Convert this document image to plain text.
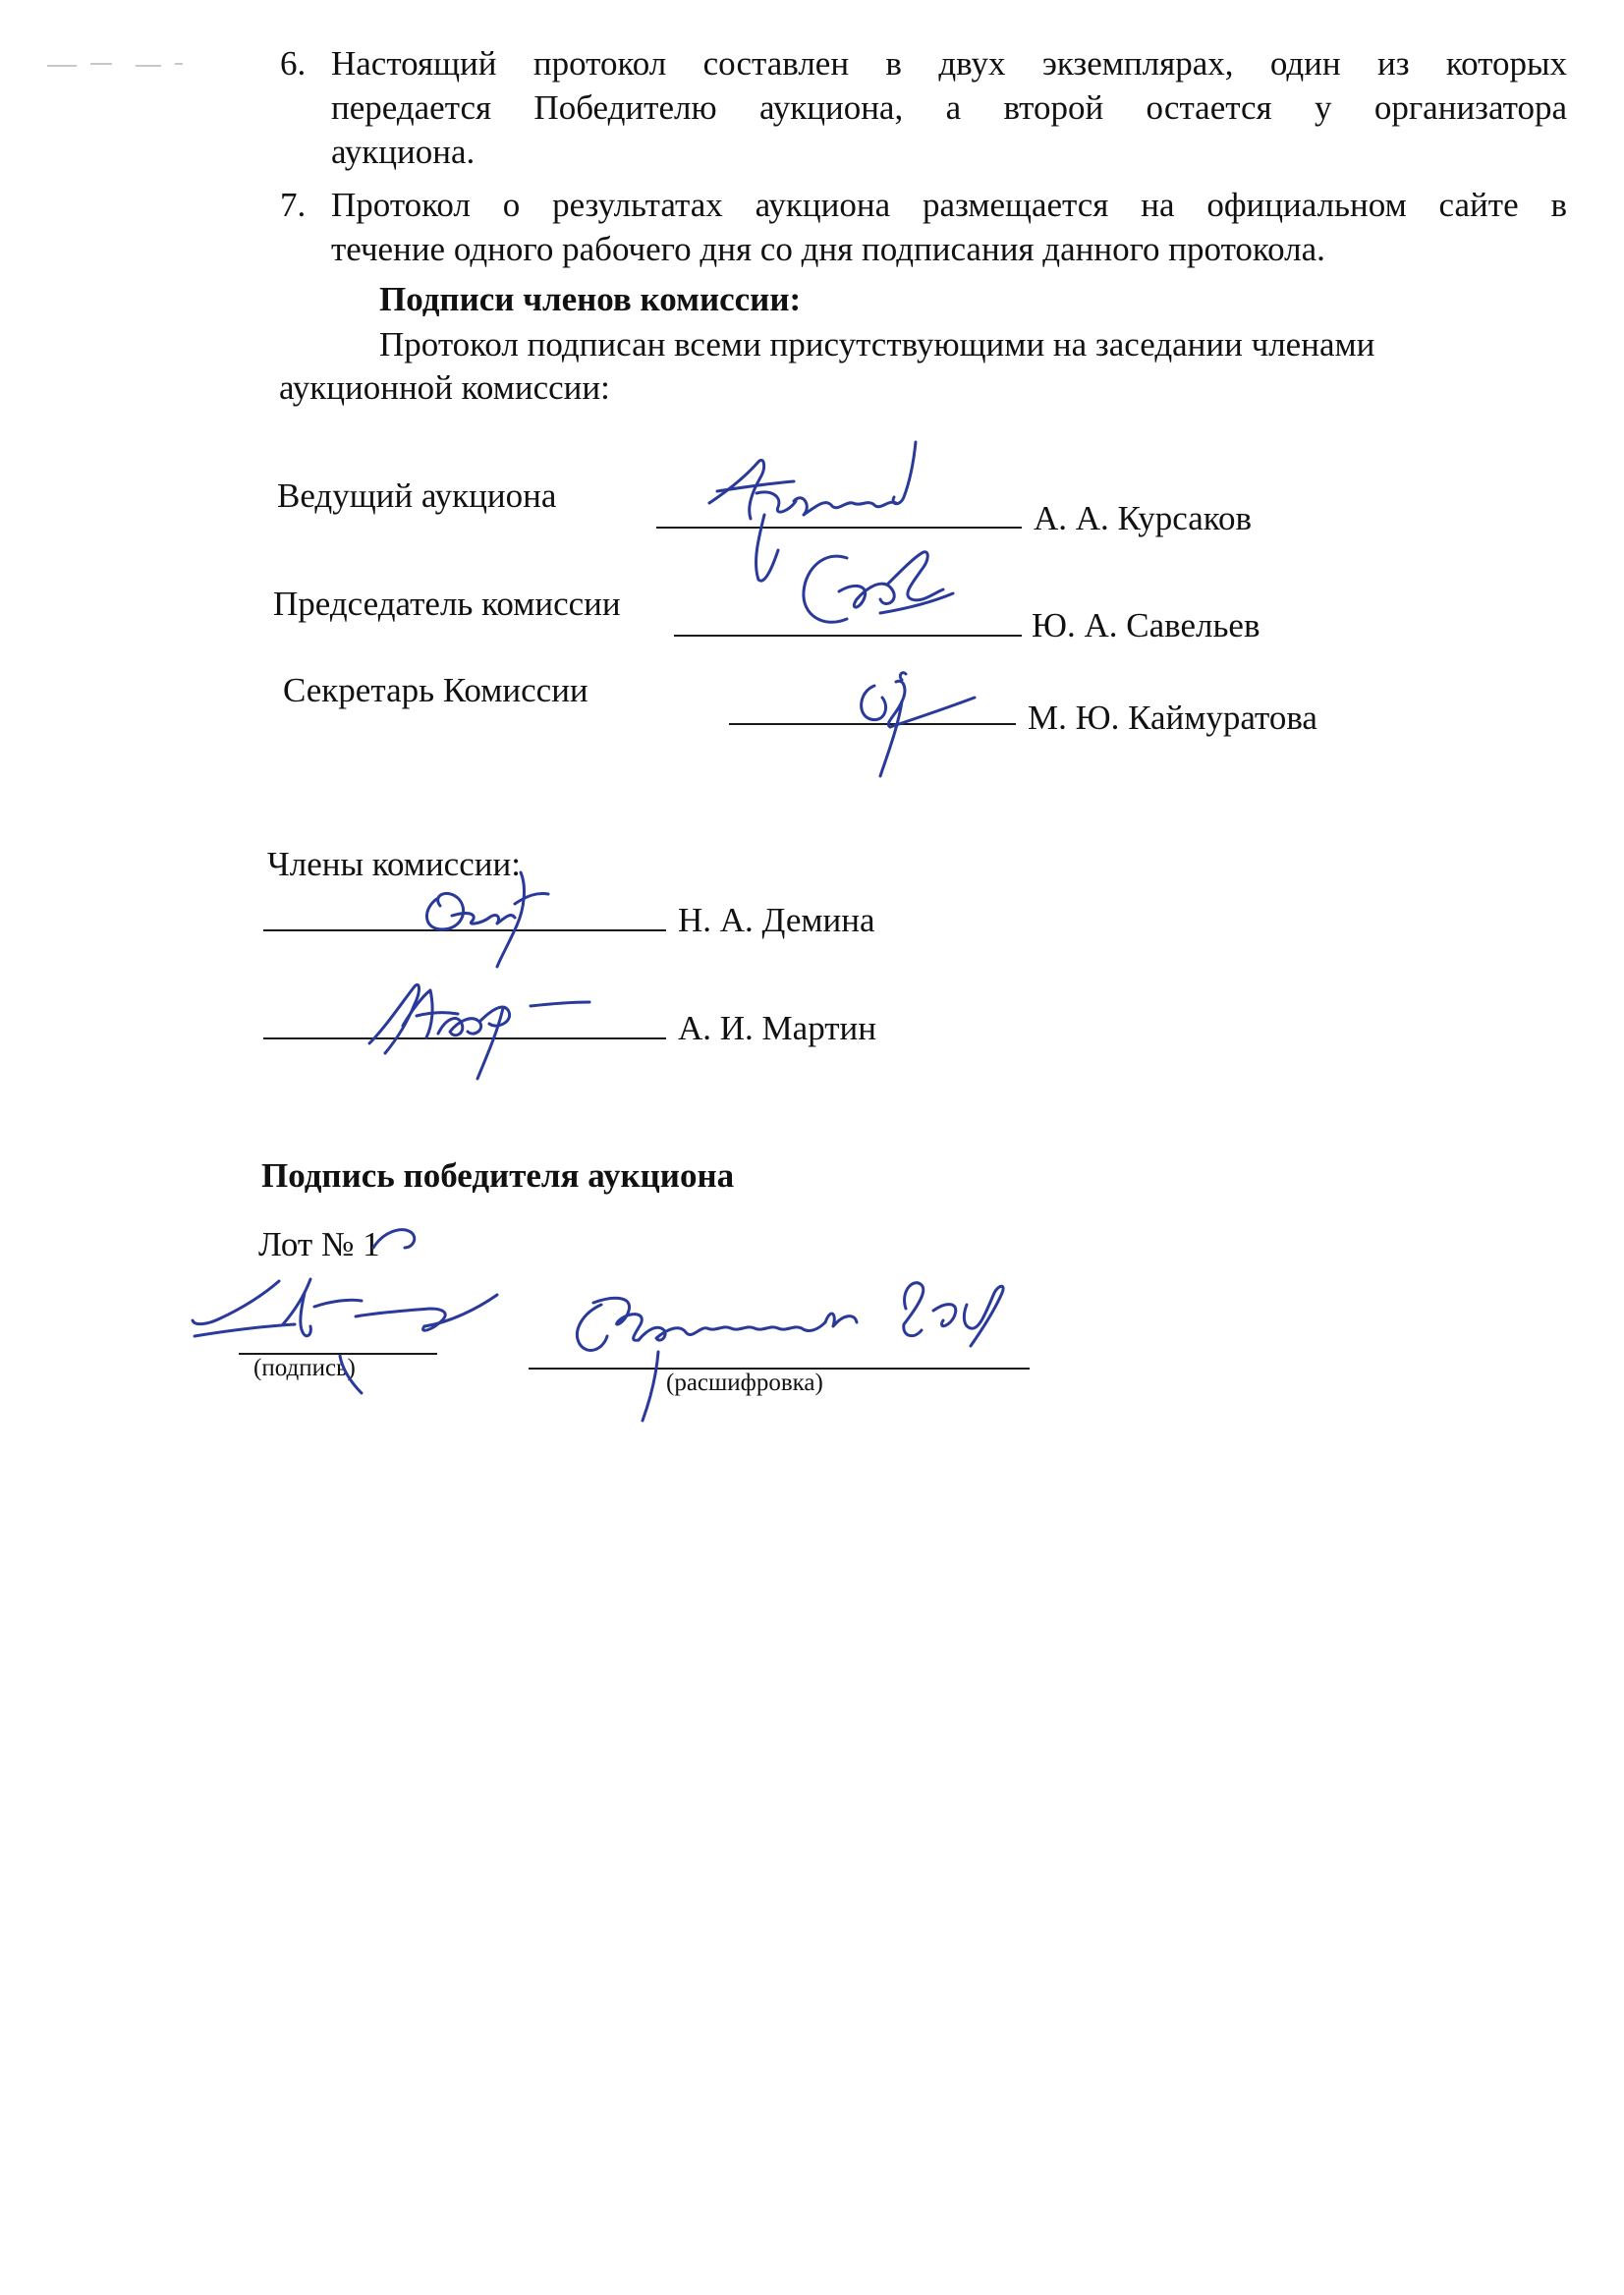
6. Настоящий протокол составлен в двух экземплярах, один из которых
передается Победителю аукциона, а второй остается у организатора
аукциона.
7. Протокол о результатах аукциона размещается на официальном сайте в
течение одного рабочего дня со дня подписания данного протокола.
Подписи членов комиссии:
Протокол подписан всеми присутствующими на заседании членами
аукционной комиссии:
Ведущий аукциона
А. А. Курсаков
Председатель комиссии
Ю. А. Савельев
Секретарь Комиссии
М. Ю. Каймуратова
Члены комиссии:
Н. А. Демина
А. И. Мартин
Подпись победителя аукциона
Лот № 1
(подпись)
(расшифровка)
